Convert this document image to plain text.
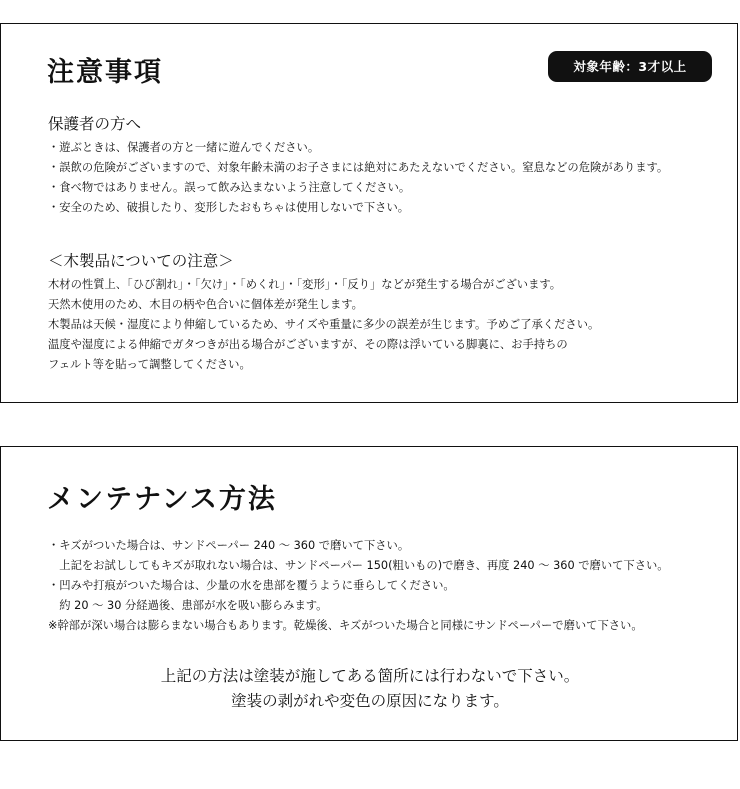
注意事項	対象年齢：3才以上
保護者の方へ
・遊ぶときは、保護者の方と一緒に遊んでください。
・誤飲の危険がございますので、対象年齢未満のお子さまには絶対にあたえないでください。窒息などの危険があります。
・食べ物ではありません。誤って飲み込まないよう注意してください。
・安全のため、破損したり、変形したおもちゃは使用しないで下さい。
＜木製品についての注意＞
木材の性質上、「ひび割れ」・「欠け」・「めくれ」・「変形」・「反り」などが発生する場合がございます。
天然木使用のため、木目の柄や色合いに個体差が発生します。
木製品は天候・湿度により伸縮しているため、サイズや重量に多少の誤差が生じます。予めご了承ください。
温度や湿度による伸縮でガタつきが出る場合がございますが、その際は浮いている脚裏に、お手持ちの
フェルト等を貼って調整してください。
メンテナンス方法
・キズがついた場合は、サンドペーパー 240 ～ 360 で磨いて下さい。
　上記をお試ししてもキズが取れない場合は、サンドペーパー 150(粗いもの)で磨き、再度 240 ～ 360 で磨いて下さい。
・凹みや打痕がついた場合は、少量の水を患部を覆うように垂らしてください。
　約 20 ～ 30 分経過後、患部が水を吸い膨らみます。
※幹部が深い場合は膨らまない場合もあります。乾燥後、キズがついた場合と同様にサンドペーパーで磨いて下さい。
上記の方法は塗装が施してある箇所には行わないで下さい。
塗装の剥がれや変色の原因になります。
